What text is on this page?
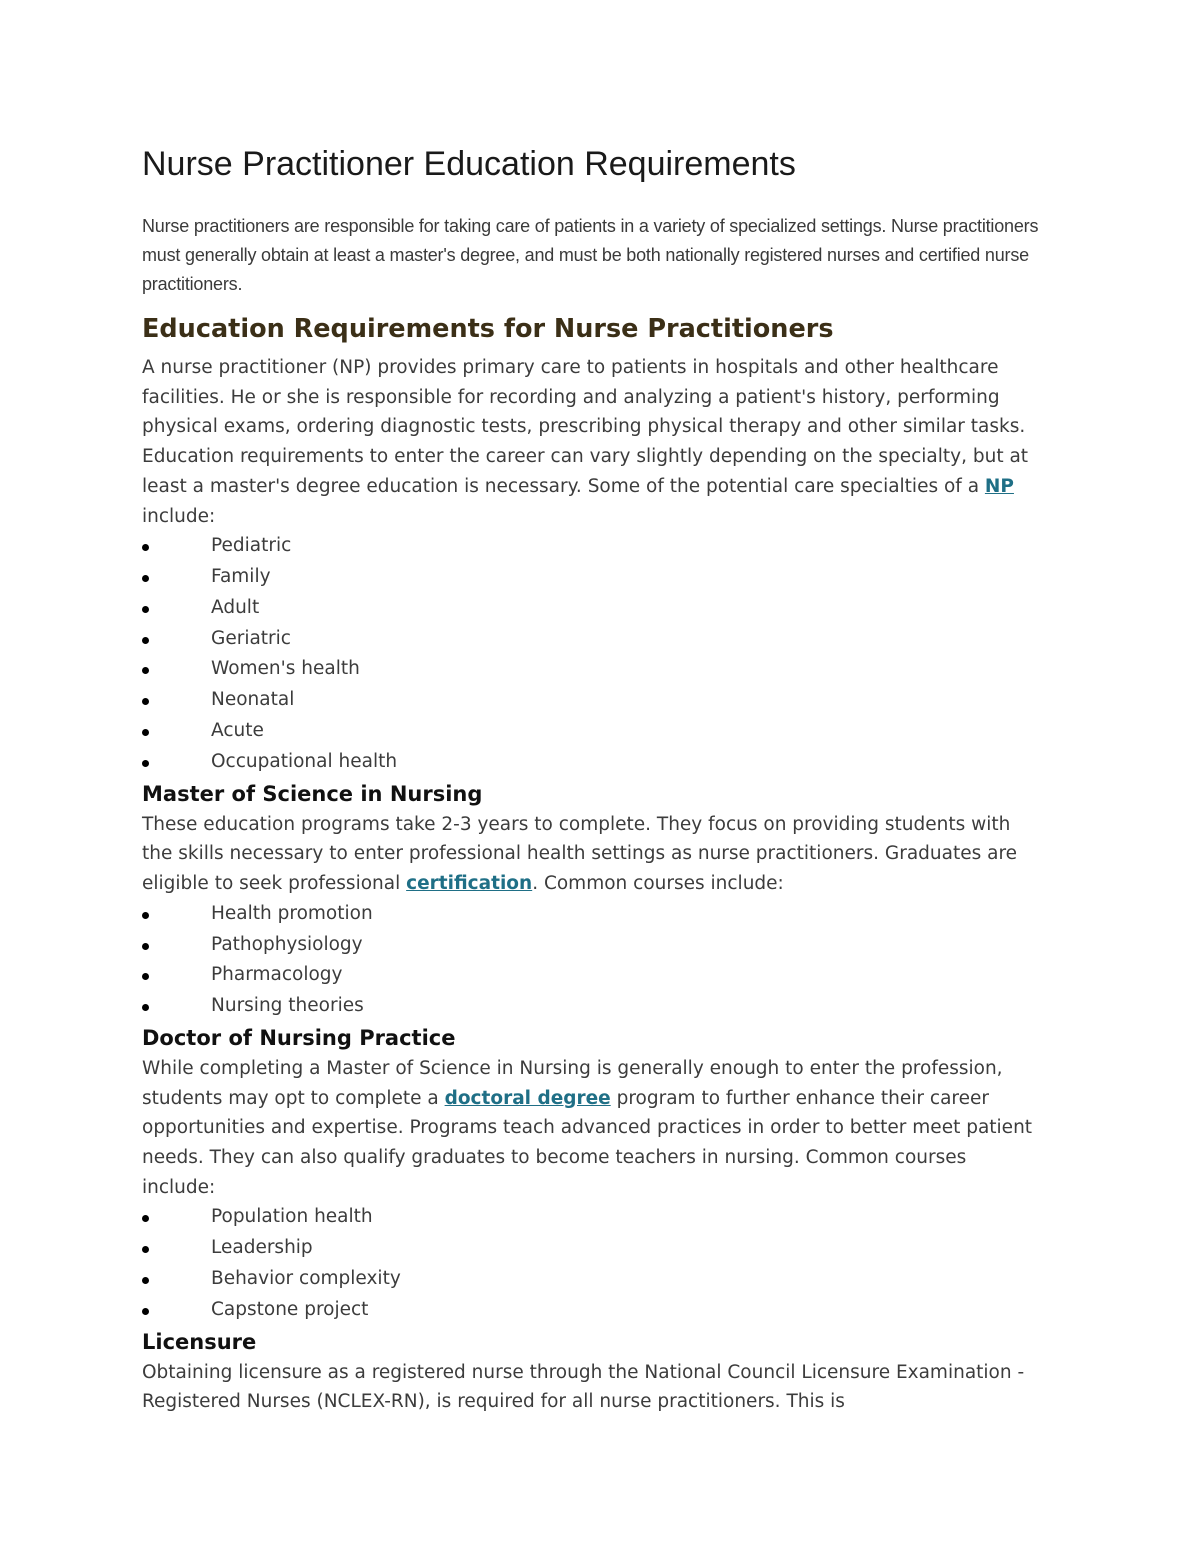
Nurse Practitioner Education Requirements

Nurse practitioners are responsible for taking care of patients in a variety of specialized settings. Nurse practitioners must generally obtain at least a master's degree, and must be both nationally registered nurses and certified nurse practitioners.

Education Requirements for Nurse Practitioners

A nurse practitioner (NP) provides primary care to patients in hospitals and other healthcare facilities. He or she is responsible for recording and analyzing a patient's history, performing physical exams, ordering diagnostic tests, prescribing physical therapy and other similar tasks. Education requirements to enter the career can vary slightly depending on the specialty, but at least a master's degree education is necessary. Some of the potential care specialties of a NP include:

Pediatric
Family
Adult
Geriatric
Women's health
Neonatal
Acute
Occupational health
Master of Science in Nursing

These education programs take 2-3 years to complete. They focus on providing students with the skills necessary to enter professional health settings as nurse practitioners. Graduates are eligible to seek professional certification. Common courses include:

Health promotion
Pathophysiology
Pharmacology
Nursing theories
Doctor of Nursing Practice

While completing a Master of Science in Nursing is generally enough to enter the profession, students may opt to complete a doctoral degree program to further enhance their career opportunities and expertise. Programs teach advanced practices in order to better meet patient needs. They can also qualify graduates to become teachers in nursing. Common courses include:

Population health
Leadership
Behavior complexity
Capstone project
Licensure

Obtaining licensure as a registered nurse through the National Council Licensure Examination - Registered Nurses (NCLEX-RN), is required for all nurse practitioners. This is
